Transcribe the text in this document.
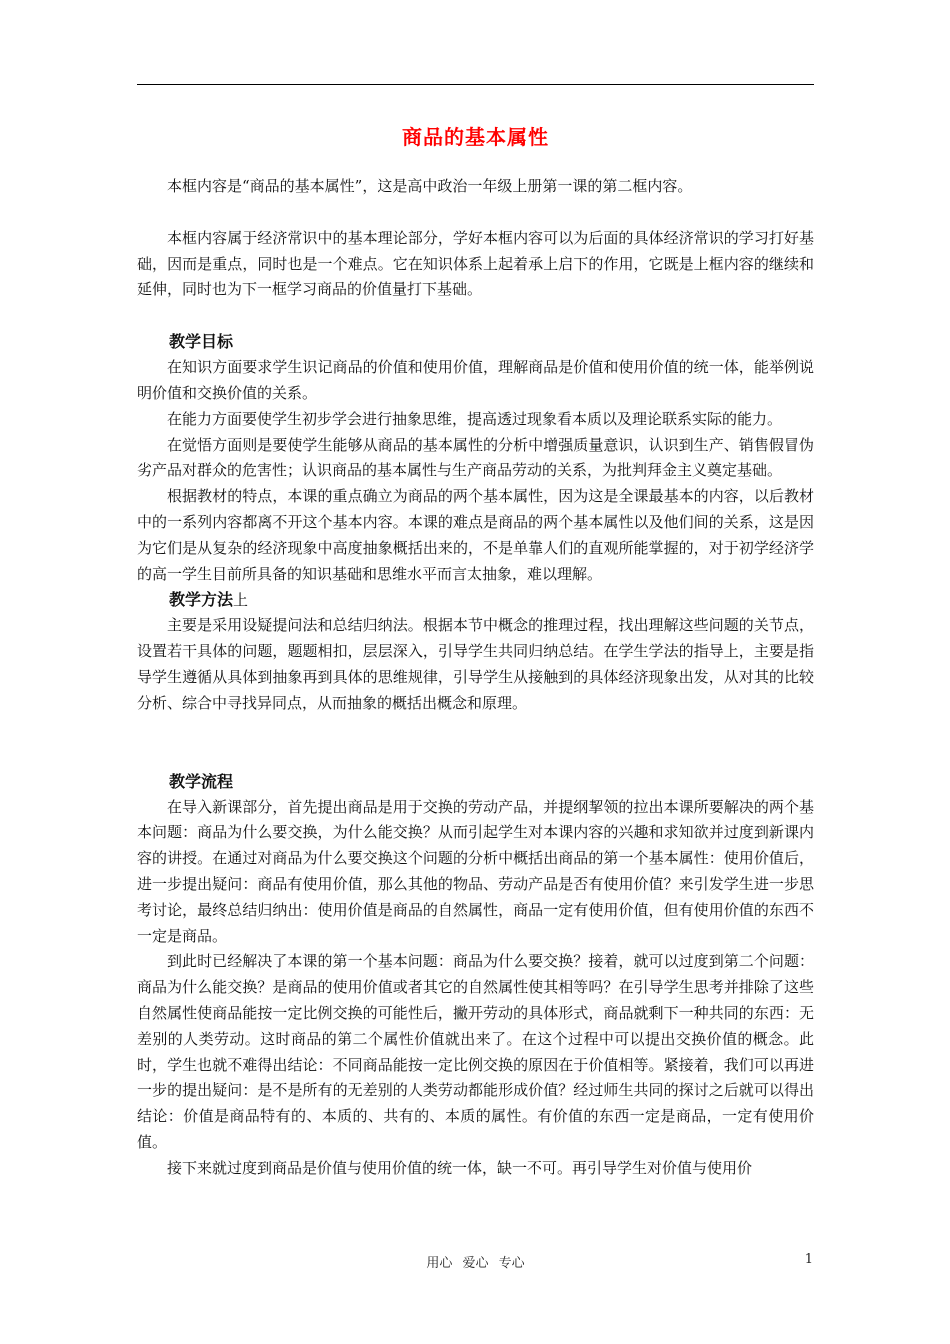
商品的基本属性

本框内容是“商品的基本属性”，这是高中政治一年级上册第一课的第二框内容。

本框内容属于经济常识中的基本理论部分，学好本框内容可以为后面的具体经济常识的学习打好基础，因而是重点，同时也是一个难点。它在知识体系上起着承上启下的作用，它既是上框内容的继续和延伸，同时也为下一框学习商品的价值量打下基础。

教学目标

在知识方面要求学生识记商品的价值和使用价值，理解商品是价值和使用价值的统一体，能举例说明价值和交换价值的关系。

在能力方面要使学生初步学会进行抽象思维，提高透过现象看本质以及理论联系实际的能力。

在觉悟方面则是要使学生能够从商品的基本属性的分析中增强质量意识，认识到生产、销售假冒伪劣产品对群众的危害性；认识商品的基本属性与生产商品劳动的关系，为批判拜金主义奠定基础。

根据教材的特点，本课的重点确立为商品的两个基本属性，因为这是全课最基本的内容，以后教材中的一系列内容都离不开这个基本内容。本课的难点是商品的两个基本属性以及他们间的关系，这是因为它们是从复杂的经济现象中高度抽象概括出来的，不是单靠人们的直观所能掌握的，对于初学经济学的高一学生目前所具备的知识基础和思维水平而言太抽象，难以理解。

教学方法上

主要是采用设疑提问法和总结归纳法。根据本节中概念的推理过程，找出理解这些问题的关节点，设置若干具体的问题，题题相扣，层层深入，引导学生共同归纳总结。在学生学法的指导上，主要是指导学生遵循从具体到抽象再到具体的思维规律，引导学生从接触到的具体经济现象出发，从对其的比较分析、综合中寻找异同点，从而抽象的概括出概念和原理。

教学流程

在导入新课部分，首先提出商品是用于交换的劳动产品，并提纲挈领的拉出本课所要解决的两个基本问题：商品为什么要交换，为什么能交换？从而引起学生对本课内容的兴趣和求知欲并过度到新课内容的讲授。在通过对商品为什么要交换这个问题的分析中概括出商品的第一个基本属性：使用价值后，进一步提出疑问：商品有使用价值，那么其他的物品、劳动产品是否有使用价值？来引发学生进一步思考讨论，最终总结归纳出：使用价值是商品的自然属性，商品一定有使用价值，但有使用价值的东西不一定是商品。

到此时已经解决了本课的第一个基本问题：商品为什么要交换？接着，就可以过度到第二个问题：商品为什么能交换？是商品的使用价值或者其它的自然属性使其相等吗？在引导学生思考并排除了这些自然属性使商品能按一定比例交换的可能性后，撇开劳动的具体形式，商品就剩下一种共同的东西：无差别的人类劳动。这时商品的第二个属性价值就出来了。在这个过程中可以提出交换价值的概念。此时，学生也就不难得出结论：不同商品能按一定比例交换的原因在于价值相等。紧接着，我们可以再进一步的提出疑问：是不是所有的无差别的人类劳动都能形成价值？经过师生共同的探讨之后就可以得出结论：价值是商品特有的、本质的、共有的、本质的属性。有价值的东西一定是商品，一定有使用价值。

接下来就过度到商品是价值与使用价值的统一体，缺一不可。再引导学生对价值与使用价

用心 爱心 专心	1
